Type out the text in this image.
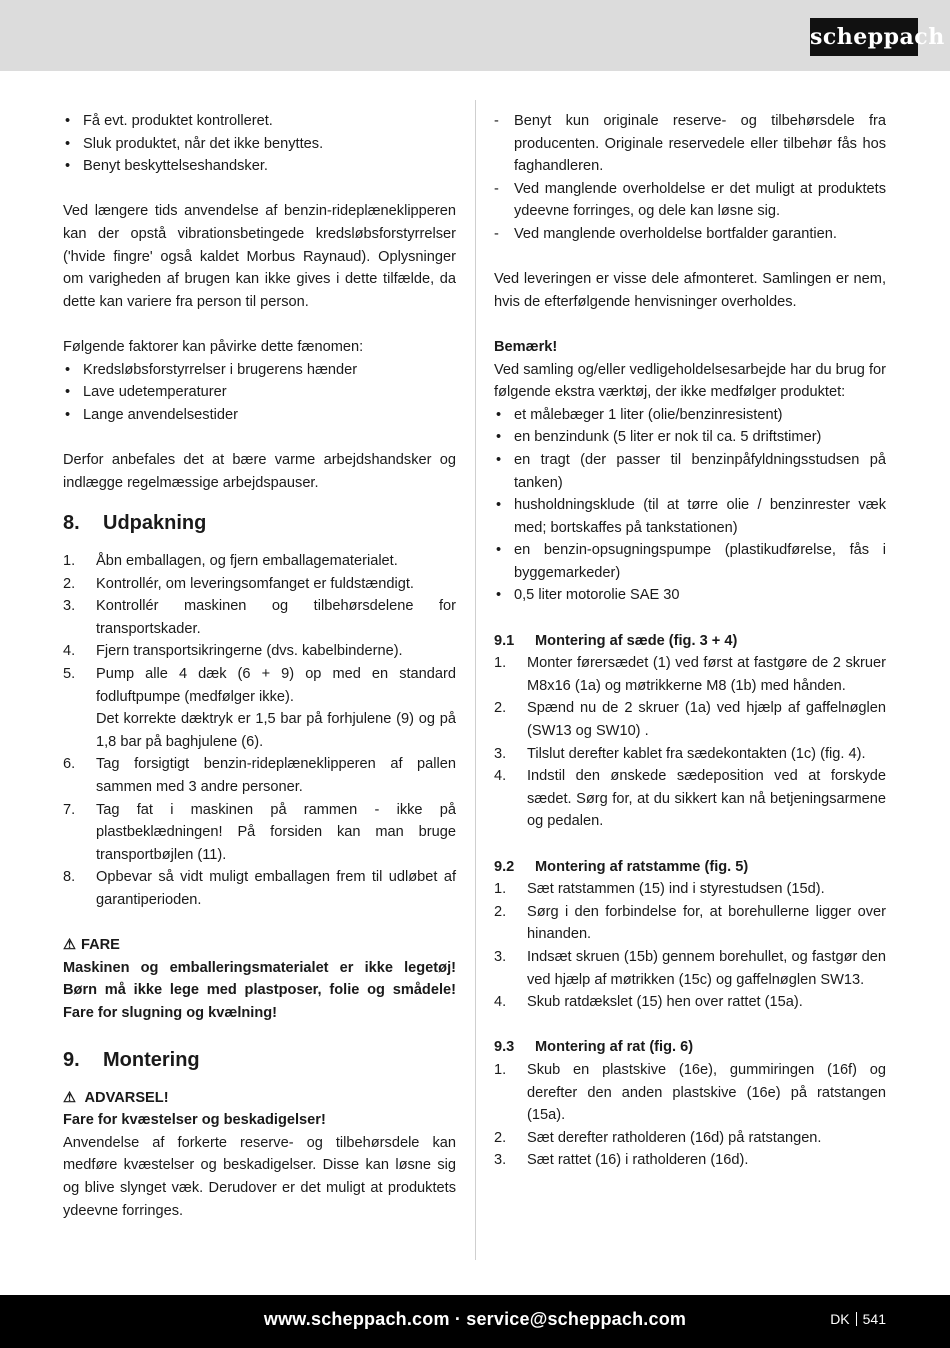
scheppach
• Få evt. produktet kontrolleret.
• Sluk produktet, når det ikke benyttes.
• Benyt beskyttelseshandsker.

Ved længere tids anvendelse af benzin-rideplæneklipperen kan der opstå vibrationsbetingede kredsløbsforstyrrelser ('hvide fingre' også kaldet Morbus Raynaud). Oplysninger om varigheden af brugen kan ikke gives i dette tilfælde, da dette kan variere fra person til person.

Følgende faktorer kan påvirke dette fænomen:

• Kredsløbsforstyrrelser i brugerens hænder
• Lave udetemperaturer
• Lange anvendelsestider

Derfor anbefales det at bære varme arbejdshandsker og indlægge regelmæssige arbejdspauser.

8. Udpakning
1. Åbn emballagen, og fjern emballagematerialet.
2. Kontrollér, om leveringsomfanget er fuldstændigt.
3. Kontrollér maskinen og tilbehørsdelene for transportskader.
4. Fjern transportsikringerne (dvs. kabelbinderne).
5. Pump alle 4 dæk (6 + 9) op med en standard fodluftpumpe (medfølger ikke).
Det korrekte dæktryk er 1,5 bar på forhjulene (9) og på 1,8 bar på baghjulene (6).
6. Tag forsigtigt benzin-rideplæneklipperen af pallen sammen med 3 andre personer.
7. Tag fat i maskinen på rammen - ikke på plastbeklædningen! På forsiden kan man bruge transportbøjlen (11).
8. Opbevar så vidt muligt emballagen frem til udløbet af garantiperioden.
⚠ FARE

Maskinen og emballeringsmaterialet er ikke legetøj! Børn må ikke lege med plastposer, folie og smådele! Fare for slugning og kvælning!

9. Montering
⚠ ADVARSEL!
Fare for kvæstelser og beskadigelser!

Anvendelse af forkerte reserve- og tilbehørsdele kan medføre kvæstelser og beskadigelser. Disse kan løsne sig og blive slynget væk. Derudover er det muligt at produktets ydeevne forringes.

- Benyt kun originale reserve- og tilbehørsdele fra producenten. Originale reservedele eller tilbehør fås hos faghandleren.
- Ved manglende overholdelse er det muligt at produktets ydeevne forringes, og dele kan løsne sig.
- Ved manglende overholdelse bortfalder garantien.

Ved leveringen er visse dele afmonteret. Samlingen er nem, hvis de efterfølgende henvisninger overholdes.

Bemærk!

Ved samling og/eller vedligeholdelsesarbejde har du brug for følgende ekstra værktøj, der ikke medfølger produktet:

• et målebæger 1 liter (olie/benzinresistent)
• en benzindunk (5 liter er nok til ca. 5 driftstimer)
• en tragt (der passer til benzinpåfyldningsstudsen på tanken)
• husholdningsklude (til at tørre olie / benzinrester væk med; bortskaffes på tankstationen)
• en benzin-opsugningspumpe (plastikudførelse, fås i byggemarkeder)
• 0,5 liter motorolie SAE 30
9.1 Montering af sæde (fig. 3 + 4)
1. Monter førersædet (1) ved først at fastgøre de 2 skruer M8x16 (1a) og møtrikkerne M8 (1b) med hånden.
2. Spænd nu de 2 skruer (1a) ved hjælp af gaffelnøglen (SW13 og SW10) .
3. Tilslut derefter kablet fra sædekontakten (1c) (fig. 4).
4. Indstil den ønskede sædeposition ved at forskyde sædet. Sørg for, at du sikkert kan nå betjeningsarmene og pedalen.
9.2 Montering af ratstamme (fig. 5)
1. Sæt ratstammen (15) ind i styrestudsen (15d).
2. Sørg i den forbindelse for, at borehullerne ligger over hinanden.
3. Indsæt skruen (15b) gennem borehullet, og fastgør den ved hjælp af møtrikken (15c) og gaffelnøglen SW13.
4. Skub ratdækslet (15) hen over rattet (15a).
9.3 Montering af rat (fig. 6)
1. Skub en plastskive (16e), gummiringen (16f) og derefter den anden plastskive (16e) på ratstangen (15a).
2. Sæt derefter ratholderen (16d) på ratstangen.
3. Sæt rattet (16) i ratholderen (16d).
www.scheppach.com · service@scheppach.com	DK 541
